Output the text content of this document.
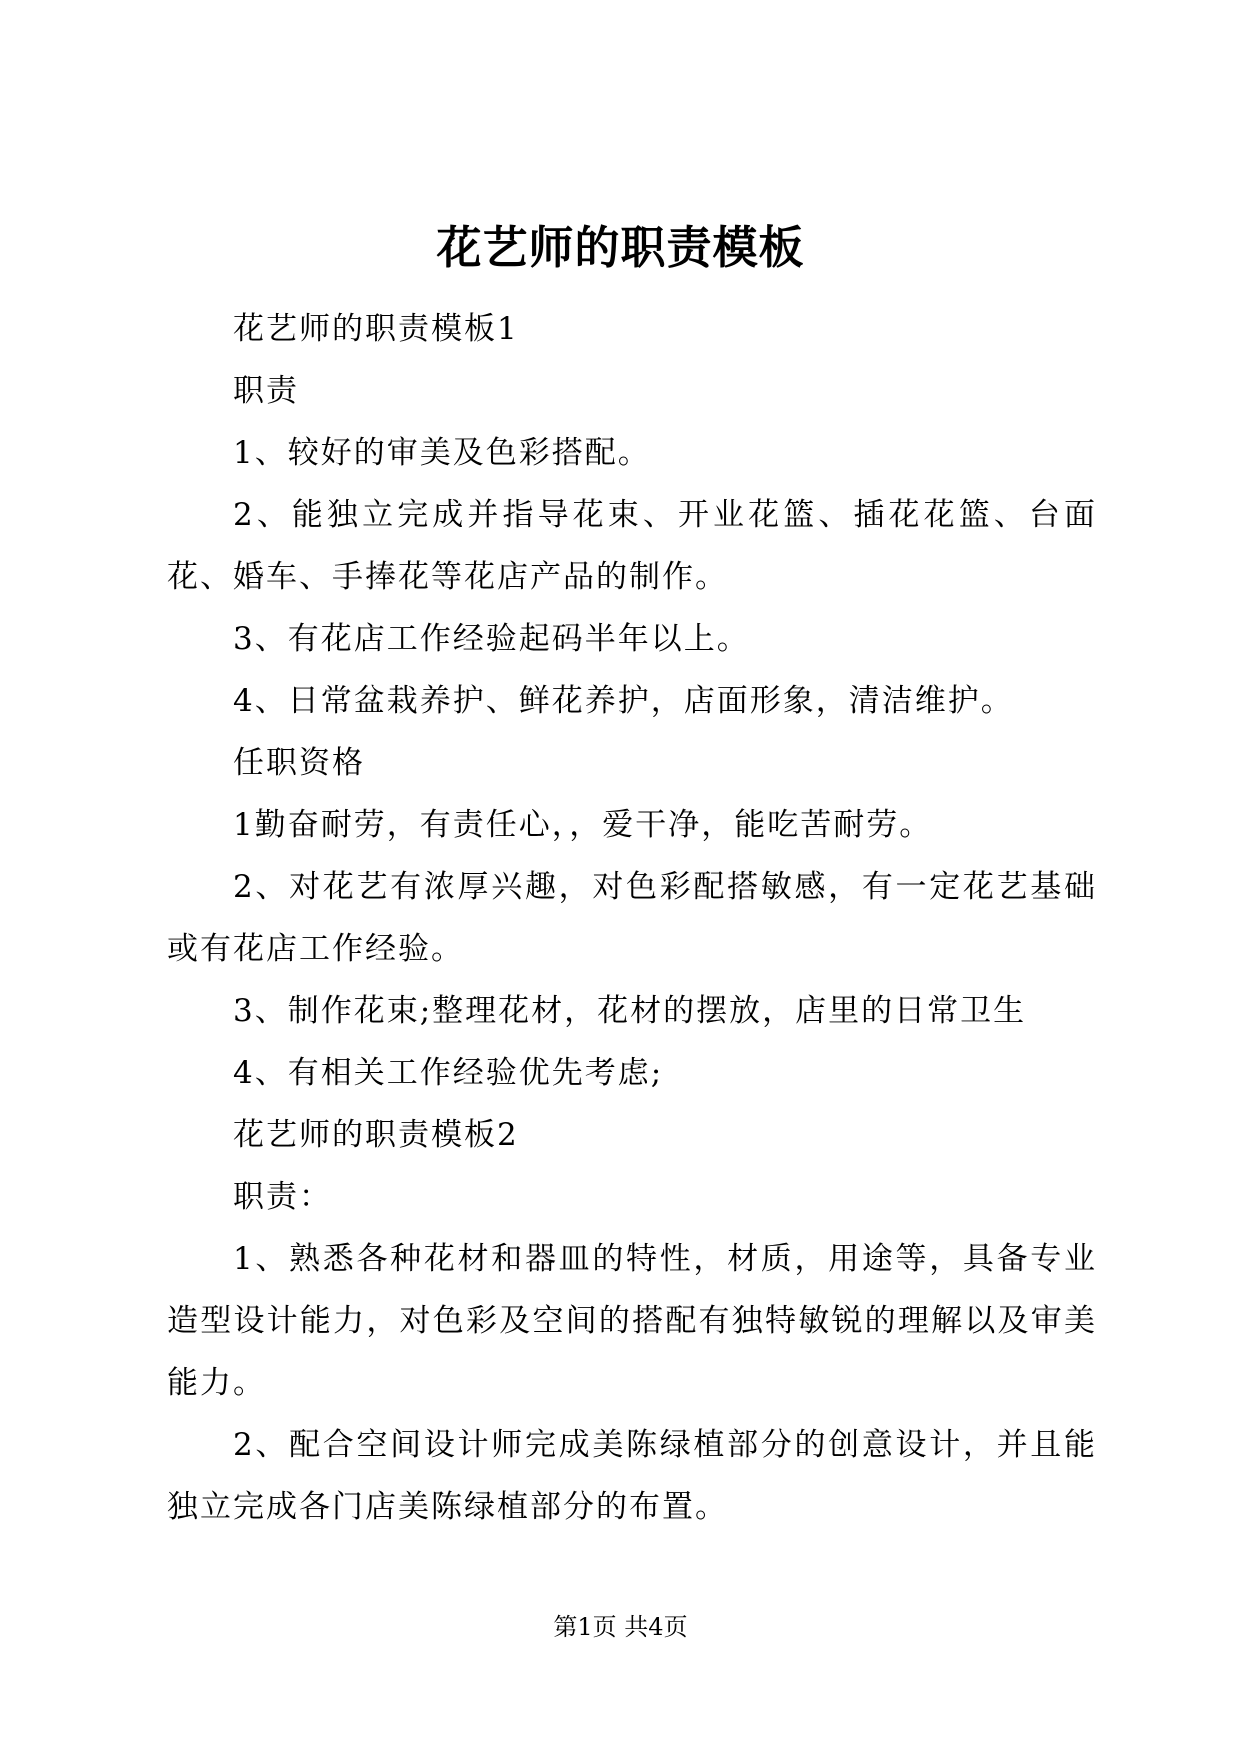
花艺师的职责模板

花艺师的职责模板1

职责

1、较好的审美及色彩搭配。

2、能独立完成并指导花束、开业花篮、插花花篮、台面花、婚车、手捧花等花店产品的制作。

3、有花店工作经验起码半年以上。

4、日常盆栽养护、鲜花养护，店面形象，清洁维护。

任职资格

1勤奋耐劳，有责任心，，爱干净，能吃苦耐劳。

2、对花艺有浓厚兴趣，对色彩配搭敏感，有一定花艺基础或有花店工作经验。

3、制作花束;整理花材，花材的摆放，店里的日常卫生

4、有相关工作经验优先考虑;

花艺师的职责模板2

职责：

1、熟悉各种花材和器皿的特性，材质，用途等，具备专业造型设计能力，对色彩及空间的搭配有独特敏锐的理解以及审美能力。

2、配合空间设计师完成美陈绿植部分的创意设计，并且能独立完成各门店美陈绿植部分的布置。

第1页 共4页
